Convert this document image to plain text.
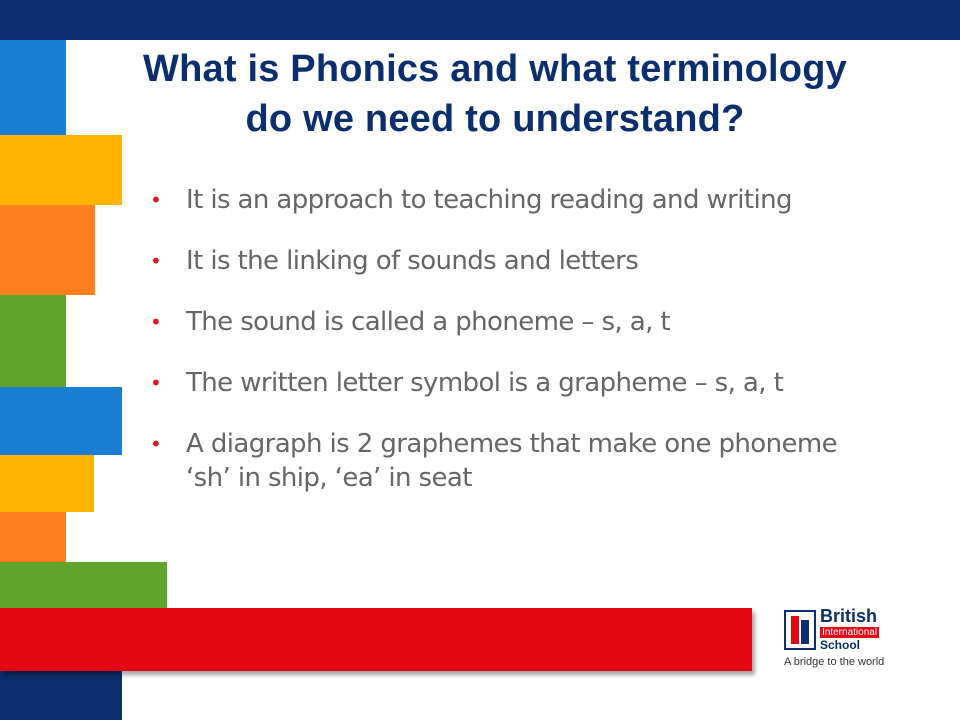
What is Phonics and what terminology
do we need to understand?
• It is an approach to teaching reading and writing
• It is the linking of sounds and letters
• The sound is called a phoneme – s, a, t
• The written letter symbol is a grapheme – s, a, t
• A diagraph is 2 graphemes that make one phoneme
‘sh’ in ship, ‘ea’ in seat
British
International
School
A bridge to the world
